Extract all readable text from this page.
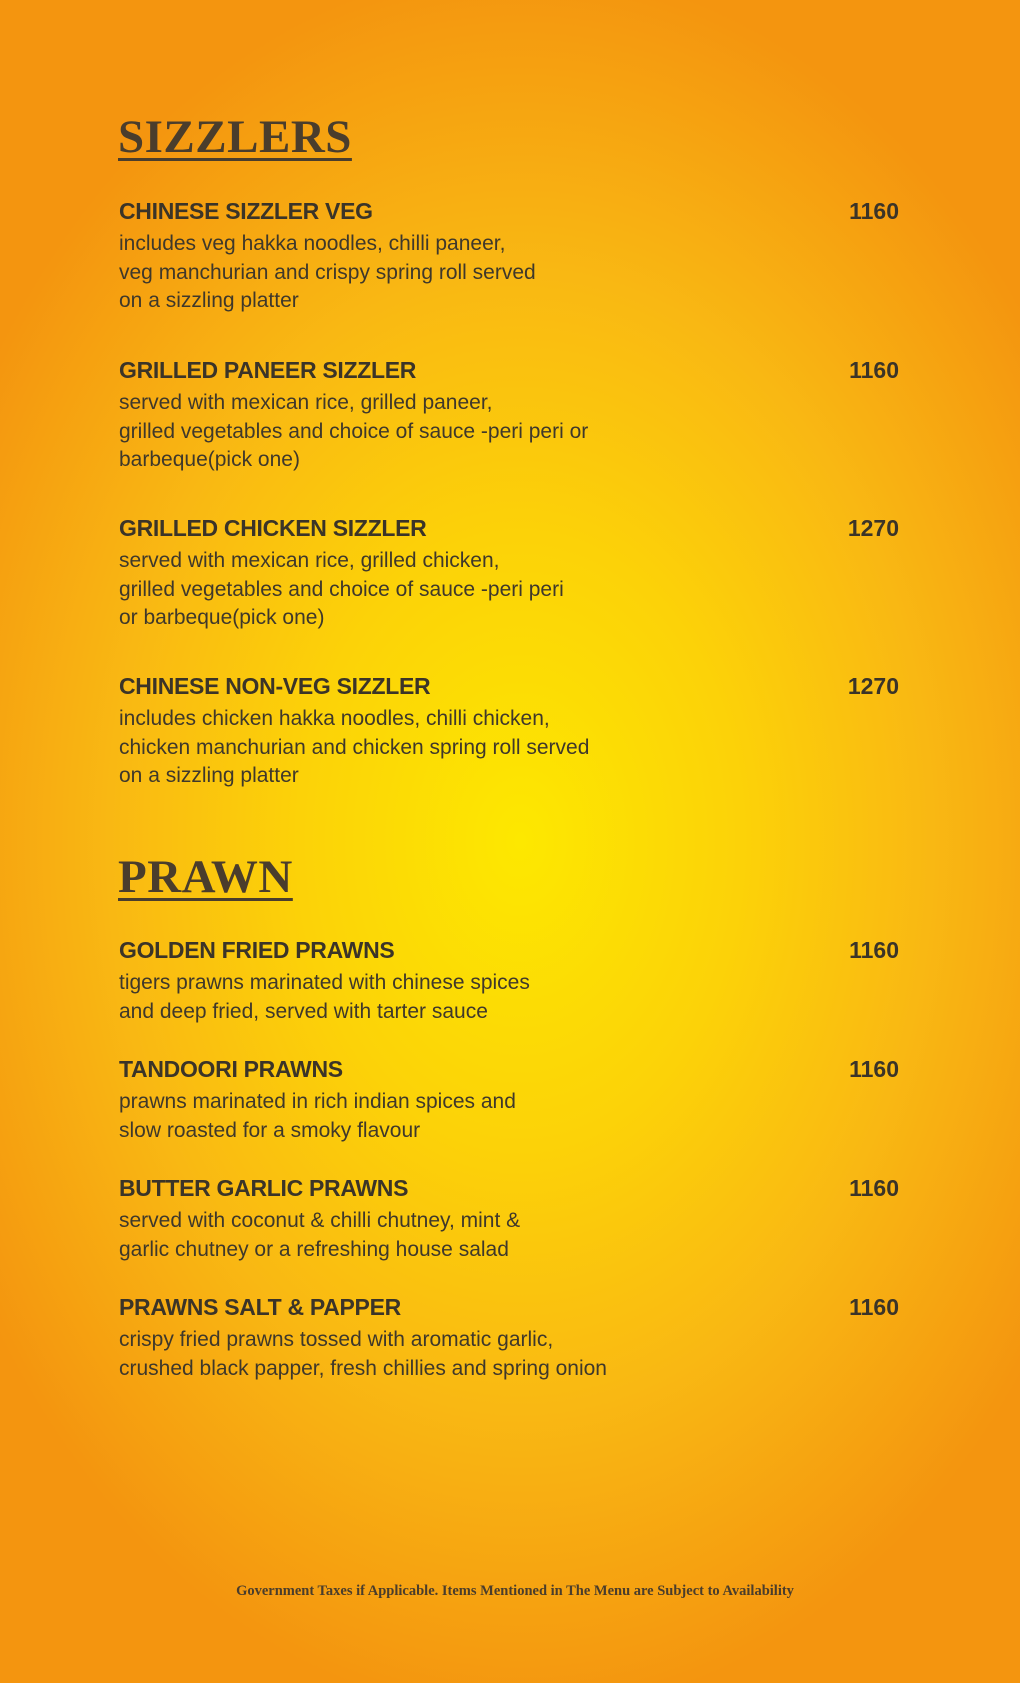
SIZZLERS
CHINESE SIZZLER VEG	1160
includes veg hakka noodles, chilli paneer,
veg manchurian and crispy spring roll served
on a sizzling platter
GRILLED PANEER SIZZLER	1160
served with mexican rice, grilled paneer,
grilled vegetables and choice of sauce -peri peri or
barbeque(pick one)
GRILLED CHICKEN SIZZLER	1270
served with mexican rice, grilled chicken,
grilled vegetables and choice of sauce -peri peri
or barbeque(pick one)
CHINESE NON-VEG SIZZLER	1270
includes chicken hakka noodles, chilli chicken,
chicken manchurian and chicken spring roll served
on a sizzling platter
PRAWN
GOLDEN FRIED PRAWNS	1160
tigers prawns marinated with chinese spices
and deep fried, served with tarter sauce
TANDOORI PRAWNS	1160
prawns marinated in rich indian spices and
slow roasted for a smoky flavour
BUTTER GARLIC PRAWNS	1160
served with coconut & chilli chutney, mint &
garlic chutney or a refreshing house salad
PRAWNS SALT & PAPPER	1160
crispy fried prawns tossed with aromatic garlic,
crushed black papper, fresh chillies and spring onion
Government Taxes if Applicable. Items Mentioned in The Menu are Subject to Availability
